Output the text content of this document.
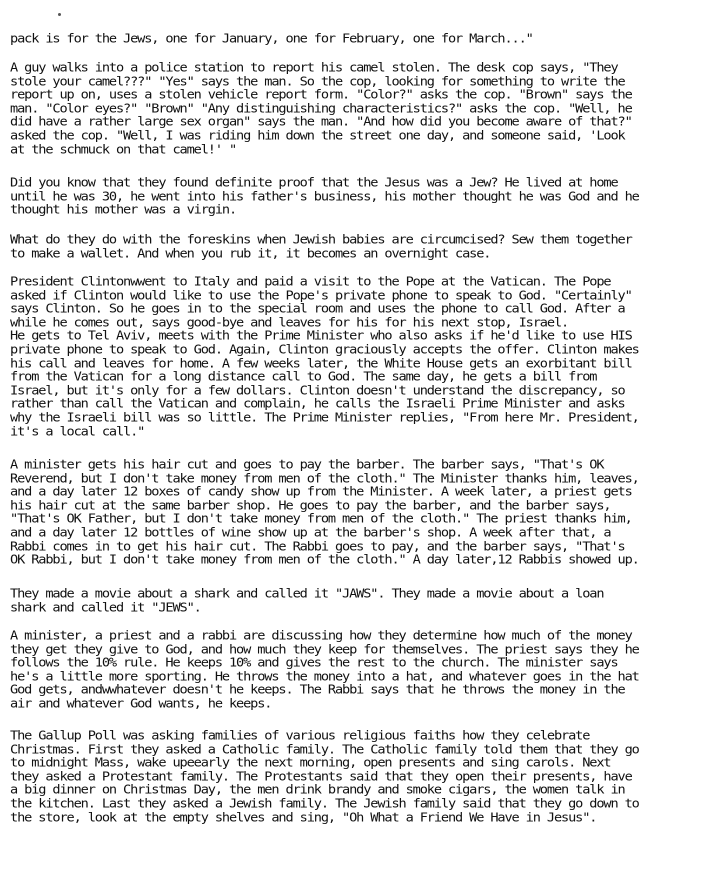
pack is for the Jews, one for January, one for February, one for March..."
A guy walks into a police station to report his camel stolen. The desk cop says, "They
stole your camel???" "Yes" says the man. So the cop, looking for something to write the
report up on, uses a stolen vehicle report form. "Color?" asks the cop. "Brown" says the
man. "Color eyes?" "Brown" "Any distinguishing characteristics?" asks the cop. "Well, he
did have a rather large sex organ" says the man. "And how did you become aware of that?"
asked the cop. "Well, I was riding him down the street one day, and someone said, 'Look
at the schmuck on that camel!' "
Did you know that they found definite proof that the Jesus was a Jew? He lived at home
until he was 30, he went into his father's business, his mother thought he was God and he
thought his mother was a virgin.
What do they do with the foreskins when Jewish babies are circumcised? Sew them together
to make a wallet. And when you rub it, it becomes an overnight case.
President Clintonwwent to Italy and paid a visit to the Pope at the Vatican. The Pope
asked if Clinton would like to use the Pope's private phone to speak to God. "Certainly"
says Clinton. So he goes in to the special room and uses the phone to call God. After a
while he comes out, says good-bye and leaves for his for his next stop, Israel.
He gets to Tel Aviv, meets with the Prime Minister who also asks if he'd like to use HIS
private phone to speak to God. Again, Clinton graciously accepts the offer. Clinton makes
his call and leaves for home. A few weeks later, the White House gets an exorbitant bill
from the Vatican for a long distance call to God. The same day, he gets a bill from
Israel, but it's only for a few dollars. Clinton doesn't understand the discrepancy, so
rather than call the Vatican and complain, he calls the Israeli Prime Minister and asks
why the Israeli bill was so little. The Prime Minister replies, "From here Mr. President,
it's a local call."
A minister gets his hair cut and goes to pay the barber. The barber says, "That's OK
Reverend, but I don't take money from men of the cloth." The Minister thanks him, leaves,
and a day later 12 boxes of candy show up from the Minister. A week later, a priest gets
his hair cut at the same barber shop. He goes to pay the barber, and the barber says,
"That's OK Father, but I don't take money from men of the cloth." The priest thanks him,
and a day later 12 bottles of wine show up at the barber's shop. A week after that, a
Rabbi comes in to get his hair cut. The Rabbi goes to pay, and the barber says, "That's
OK Rabbi, but I don't take money from men of the cloth." A day later,12 Rabbis showed up.
They made a movie about a shark and called it "JAWS". They made a movie about a loan
shark and called it "JEWS".
A minister, a priest and a rabbi are discussing how they determine how much of the money
they get they give to God, and how much they keep for themselves. The priest says they he
follows the 10% rule. He keeps 10% and gives the rest to the church. The minister says
he's a little more sporting. He throws the money into a hat, and whatever goes in the hat
God gets, andwwhatever doesn't he keeps. The Rabbi says that he throws the money in the
air and whatever God wants, he keeps.
The Gallup Poll was asking families of various religious faiths how they celebrate
Christmas. First they asked a Catholic family. The Catholic family told them that they go
to midnight Mass, wake upeearly the next morning, open presents and sing carols. Next
they asked a Protestant family. The Protestants said that they open their presents, have
a big dinner on Christmas Day, the men drink brandy and smoke cigars, the women talk in
the kitchen. Last they asked a Jewish family. The Jewish family said that they go down to
the store, look at the empty shelves and sing, "Oh What a Friend We Have in Jesus".
